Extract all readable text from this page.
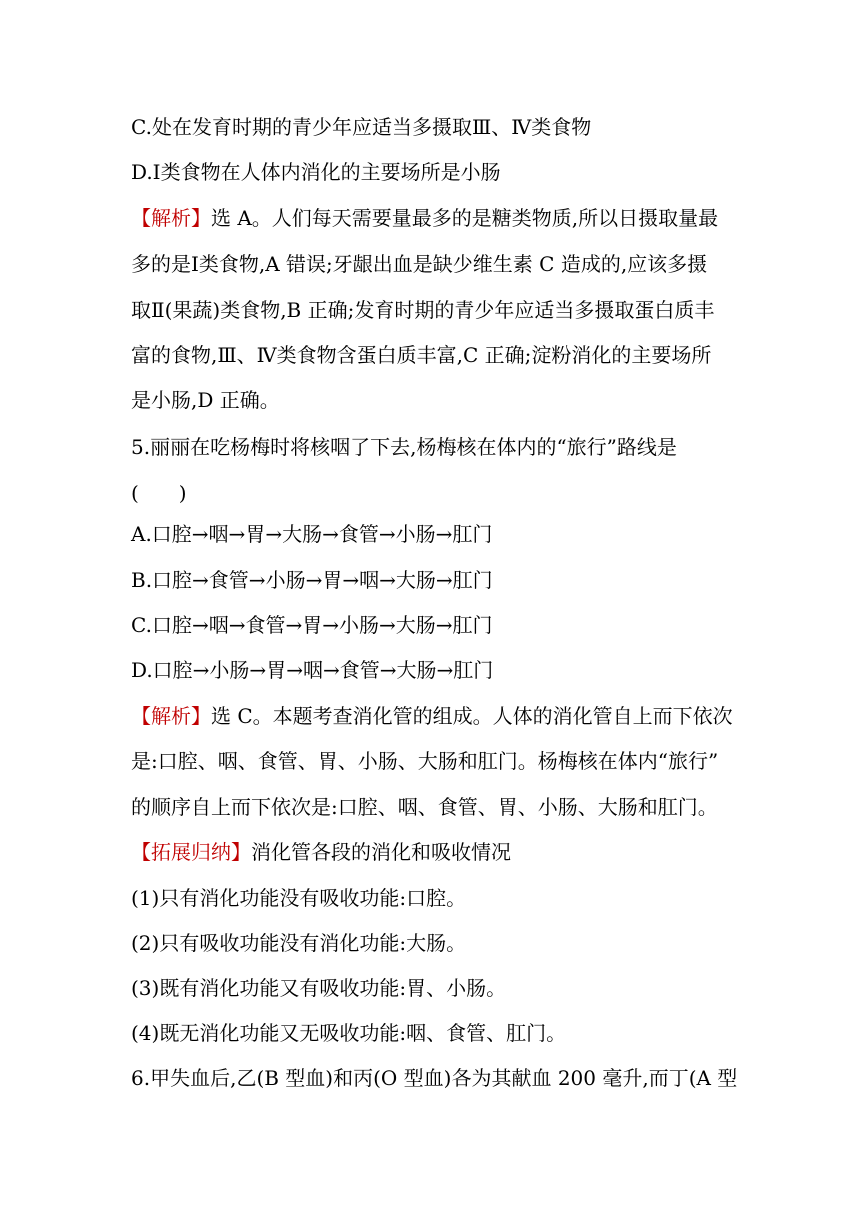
C.处在发育时期的青少年应适当多摄取Ⅲ、Ⅳ类食物
D.Ⅰ类食物在人体内消化的主要场所是小肠
【解析】选 A。人们每天需要量最多的是糖类物质,所以日摄取量最
多的是Ⅰ类食物,A 错误;牙龈出血是缺少维生素 C 造成的,应该多摄
取Ⅱ(果蔬)类食物,B 正确;发育时期的青少年应适当多摄取蛋白质丰
富的食物,Ⅲ、Ⅳ类食物含蛋白质丰富,C 正确;淀粉消化的主要场所
是小肠,D 正确。
5.丽丽在吃杨梅时将核咽了下去,杨梅核在体内的“旅行”路线是
(　　)
A.口腔→咽→胃→大肠→食管→小肠→肛门
B.口腔→食管→小肠→胃→咽→大肠→肛门
C.口腔→咽→食管→胃→小肠→大肠→肛门
D.口腔→小肠→胃→咽→食管→大肠→肛门
【解析】选 C。本题考查消化管的组成。人体的消化管自上而下依次
是:口腔、咽、食管、胃、小肠、大肠和肛门。杨梅核在体内“旅行”
的顺序自上而下依次是:口腔、咽、食管、胃、小肠、大肠和肛门。
【拓展归纳】消化管各段的消化和吸收情况
(1)只有消化功能没有吸收功能:口腔。
(2)只有吸收功能没有消化功能:大肠。
(3)既有消化功能又有吸收功能:胃、小肠。
(4)既无消化功能又无吸收功能:咽、食管、肛门。
6.甲失血后,乙(B 型血)和丙(O 型血)各为其献血 200 毫升,而丁(A 型
